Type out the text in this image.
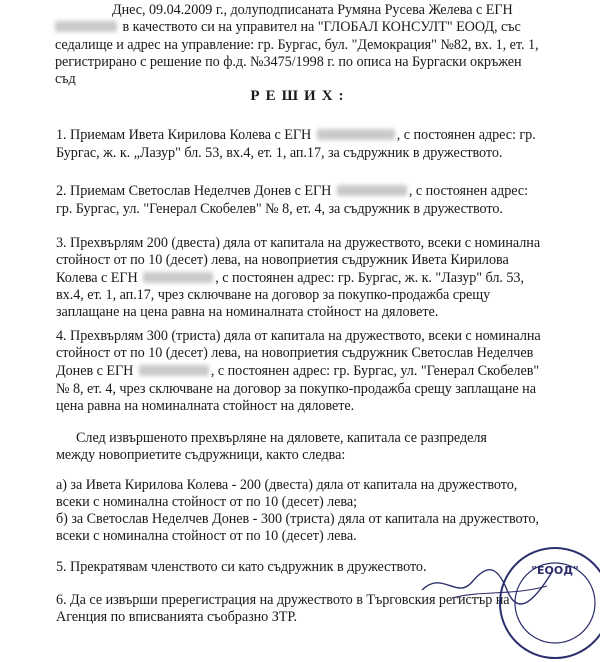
Днес, 09.04.2009 г., долуподписаната Румяна Русева Желева с ЕГН
в качеството си на управител на "ГЛОБАЛ КОНСУЛТ" ЕООД, със
седалище и адрес на управление: гр. Бургас, бул. "Демокрация" №82, вх. 1, ет. 1,
регистрирано с решение по ф.д. №3475/1998 г. по описа на Бургаски окръжен
съд
РЕШИХ:
1. Приемам Ивета Кирилова Колева с ЕГН	, с постоянен адрес: гр.
Бургас, ж. к. „Лазур" бл. 53, вх.4, ет. 1, ап.17, за съдружник в дружеството.
2. Приемам Светослав Неделчев Донев с ЕГН	, с постоянен адрес:
гр. Бургас, ул. "Генерал Скобелев" № 8, ет. 4, за съдружник в дружеството.
3. Прехвърлям 200 (двеста) дяла от капитала на дружеството, всеки с номинална
стойност от по 10 (десет) лева, на новоприетия съдружник Ивета Кирилова
Колева с ЕГН	, с постоянен адрес: гр. Бургас, ж. к. "Лазур" бл. 53,
вх.4, ет. 1, ап.17, чрез сключване на договор за покупко-продажба срещу
заплащане на цена равна на номиналната стойност на дяловете.
4. Прехвърлям 300 (триста) дяла от капитала на дружеството, всеки с номинална
стойност от по 10 (десет) лева, на новоприетия съдружник Светослав Неделчев
Донев с ЕГН	, с постоянен адрес: гр. Бургас, ул. "Генерал Скобелев"
№ 8, ет. 4, чрез сключване на договор за покупко-продажба срещу заплащане на
цена равна на номиналната стойност на дяловете.
След извършеното прехвърляне на дяловете, капитала се разпределя
между новоприетите съдружници, както следва:
а) за Ивета Кирилова Колева - 200 (двеста) дяла от капитала на дружеството,
всеки с номинална стойност от по 10 (десет) лева;
б) за Светослав Неделчев Донев - 300 (триста) дяла от капитала на дружеството,
всеки с номинална стойност от по 10 (десет) лева.
5. Прекратявам членството си като съдружник в дружеството.
6. Да се извърши пререгистрация на дружеството в Търговския регистър на
Агенция по вписванията съобразно ЗТР.
"ЕООД"
